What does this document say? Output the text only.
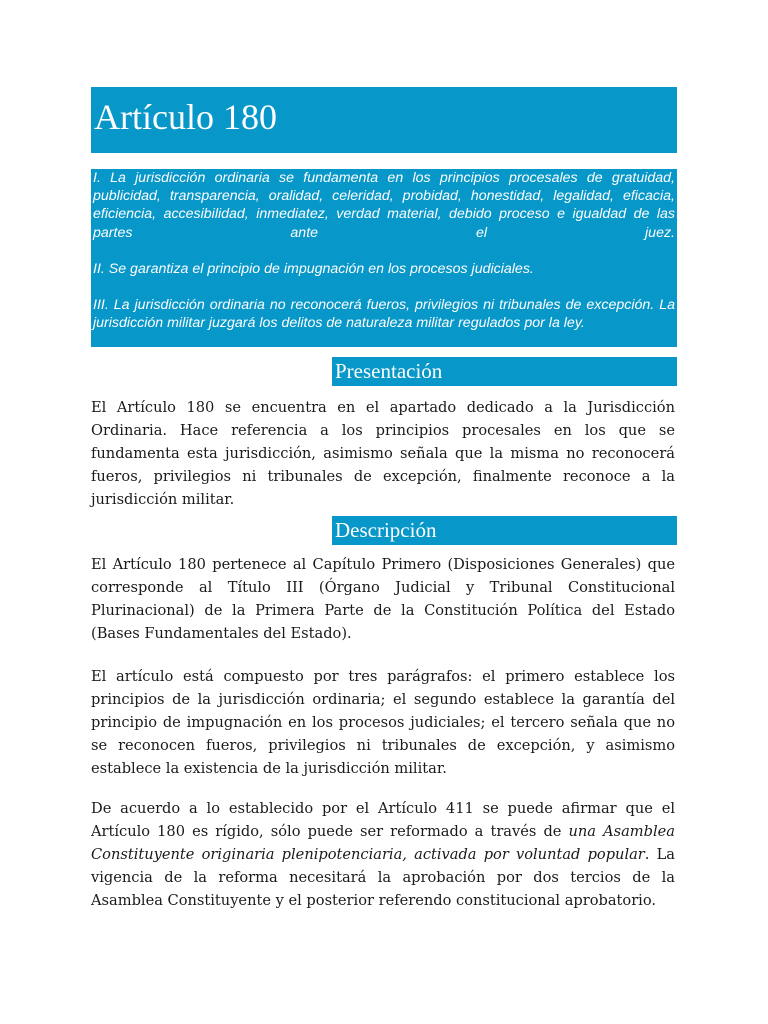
Artículo 180

I. La jurisdicción ordinaria se fundamenta en los principios procesales de gratuidad, publicidad, transparencia, oralidad, celeridad, probidad, honestidad, legalidad, eficacia, eficiencia, accesibilidad, inmediatez, verdad material, debido proceso e igualdad de las partes ante el juez.

II. Se garantiza el principio de impugnación en los procesos judiciales.

III. La jurisdicción ordinaria no reconocerá fueros, privilegios ni tribunales de excepción. La jurisdicción militar juzgará los delitos de naturaleza militar regulados por la ley.

Presentación

El Artículo 180 se encuentra en el apartado dedicado a la Jurisdicción Ordinaria. Hace referencia a los principios procesales en los que se fundamenta esta jurisdicción, asimismo señala que la misma no reconocerá fueros, privilegios ni tribunales de excepción, finalmente reconoce a la jurisdicción militar.

Descripción

El Artículo 180 pertenece al Capítulo Primero (Disposiciones Generales) que corresponde al Título III (Órgano Judicial y Tribunal Constitucional Plurinacional) de la Primera Parte de la Constitución Política del Estado (Bases Fundamentales del Estado).

El artículo está compuesto por tres parágrafos: el primero establece los principios de la jurisdicción ordinaria; el segundo establece la garantía del principio de impugnación en los procesos judiciales; el tercero señala que no se reconocen fueros, privilegios ni tribunales de excepción, y asimismo establece la existencia de la jurisdicción militar.

De acuerdo a lo establecido por el Artículo 411 se puede afirmar que el Artículo 180 es rígido, sólo puede ser reformado a través de una Asamblea Constituyente originaria plenipotenciaria, activada por voluntad popular. La vigencia de la reforma necesitará la aprobación por dos tercios de la Asamblea Constituyente y el posterior referendo constitucional aprobatorio.
